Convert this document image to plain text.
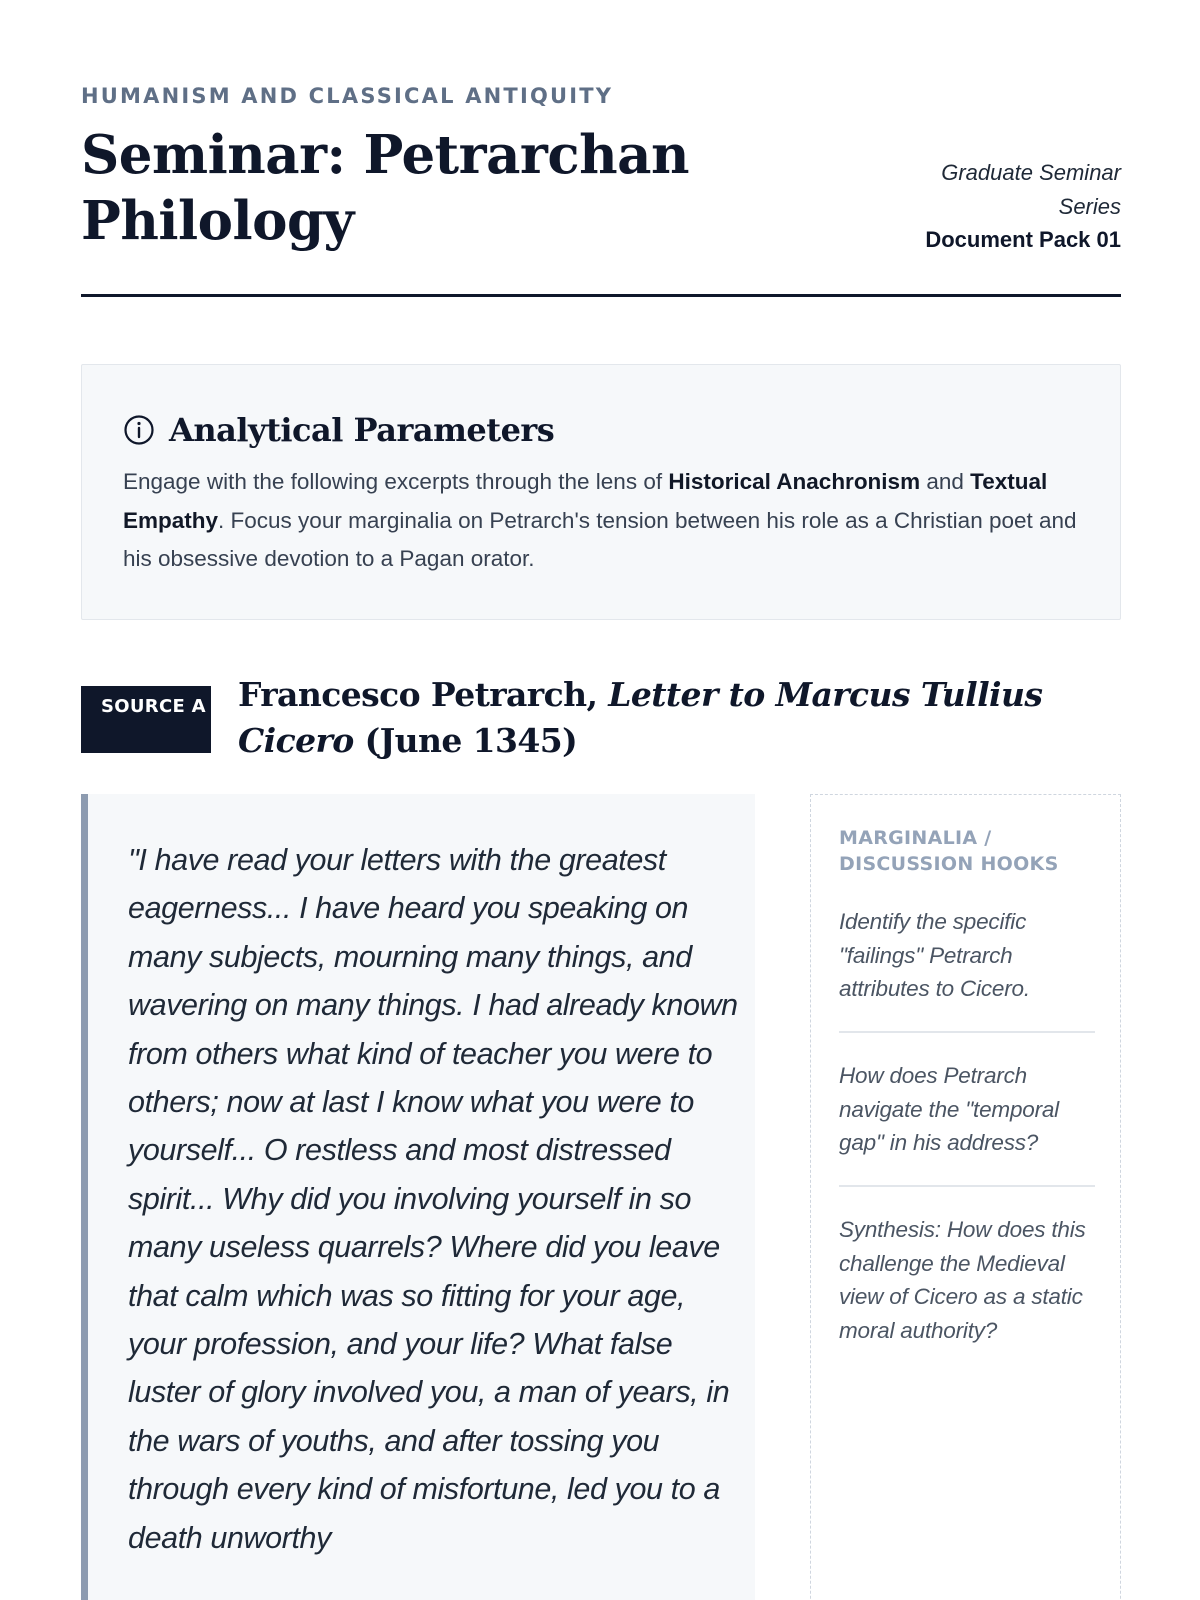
HUMANISM AND CLASSICAL ANTIQUITY
Seminar: Petrarchan Philology
Graduate Seminar
Series
Document Pack 01
Analytical Parameters

Engage with the following excerpts through the lens of Historical Anachronism and Textual Empathy. Focus your marginalia on Petrarch's tension between his role as a Christian poet and his obsessive devotion to a Pagan orator.

SOURCE A Francesco Petrarch, Letter to Marcus Tullius Cicero (June 1345)

"I have read your letters with the greatest eagerness... I have heard you speaking on many subjects, mourning many things, and wavering on many things. I had already known from others what kind of teacher you were to others; now at last I know what you were to yourself... O restless and most distressed spirit... Why did you involving yourself in so many useless quarrels? Where did you leave that calm which was so fitting for your age, your profession, and your life? What false luster of glory involved you, a man of years, in the wars of youths, and after tossing you through every kind of misfortune, led you to a death unworthy

MARGINALIA / DISCUSSION HOOKS
Identify the specific "failings" Petrarch attributes to Cicero.
How does Petrarch navigate the "temporal gap" in his address?
Synthesis: How does this challenge the Medieval view of Cicero as a static moral authority?
